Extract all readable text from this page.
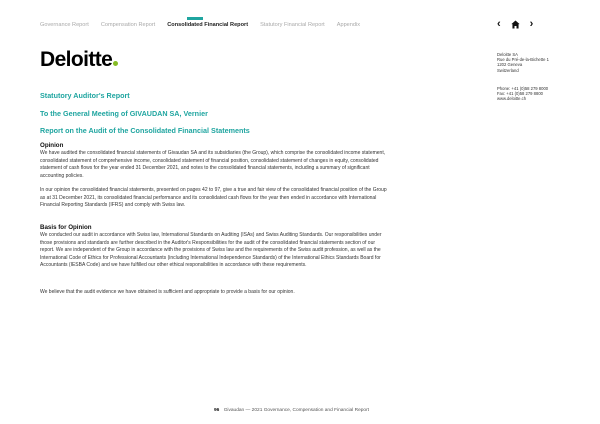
Governance Report Compensation Report Consolidated Financial Report Statutory Financial Report Appendix	‹	›
Deloitte	Deloitte SA
Rue du Pré-de-la-Bichette 1
1202 Geneva
Switzerland
Phone: +41 (0)58 279 8000
Fax: +41 (0)58 279 8800
www.deloitte.ch
Statutory Auditor's Report
To the General Meeting of GIVAUDAN SA, Vernier
Report on the Audit of the Consolidated Financial Statements
Opinion
We have audited the consolidated financial statements of Givaudan SA and its subsidiaries (the Group), which comprise the consolidated income statement, consolidated statement of comprehensive income, consolidated statement of financial position, consolidated statement of changes in equity, consolidated statement of cash flows for the year ended 31 December 2021, and notes to the consolidated financial statements, including a summary of significant accounting policies.
In our opinion the consolidated financial statements, presented on pages 42 to 97, give a true and fair view of the consolidated financial position of the Group as at 31 December 2021, its consolidated financial performance and its consolidated cash flows for the year then ended in accordance with International Financial Reporting Standards (IFRS) and comply with Swiss law.
Basis for Opinion
We conducted our audit in accordance with Swiss law, International Standards on Auditing (ISAs) and Swiss Auditing Standards. Our responsibilities under those provisions and standards are further described in the Auditor's Responsibilities for the audit of the consolidated financial statements section of our report. We are independent of the Group in accordance with the provisions of Swiss law and the requirements of the Swiss audit profession, as well as the International Code of Ethics for Professional Accountants (including International Independence Standards) of the International Ethics Standards Board for Accountants (IESBA Code) and we have fulfilled our other ethical responsibilities in accordance with these requirements.
We believe that the audit evidence we have obtained is sufficient and appropriate to provide a basis for our opinion.
96 Givaudan — 2021 Governance, Compensation and Financial Report
